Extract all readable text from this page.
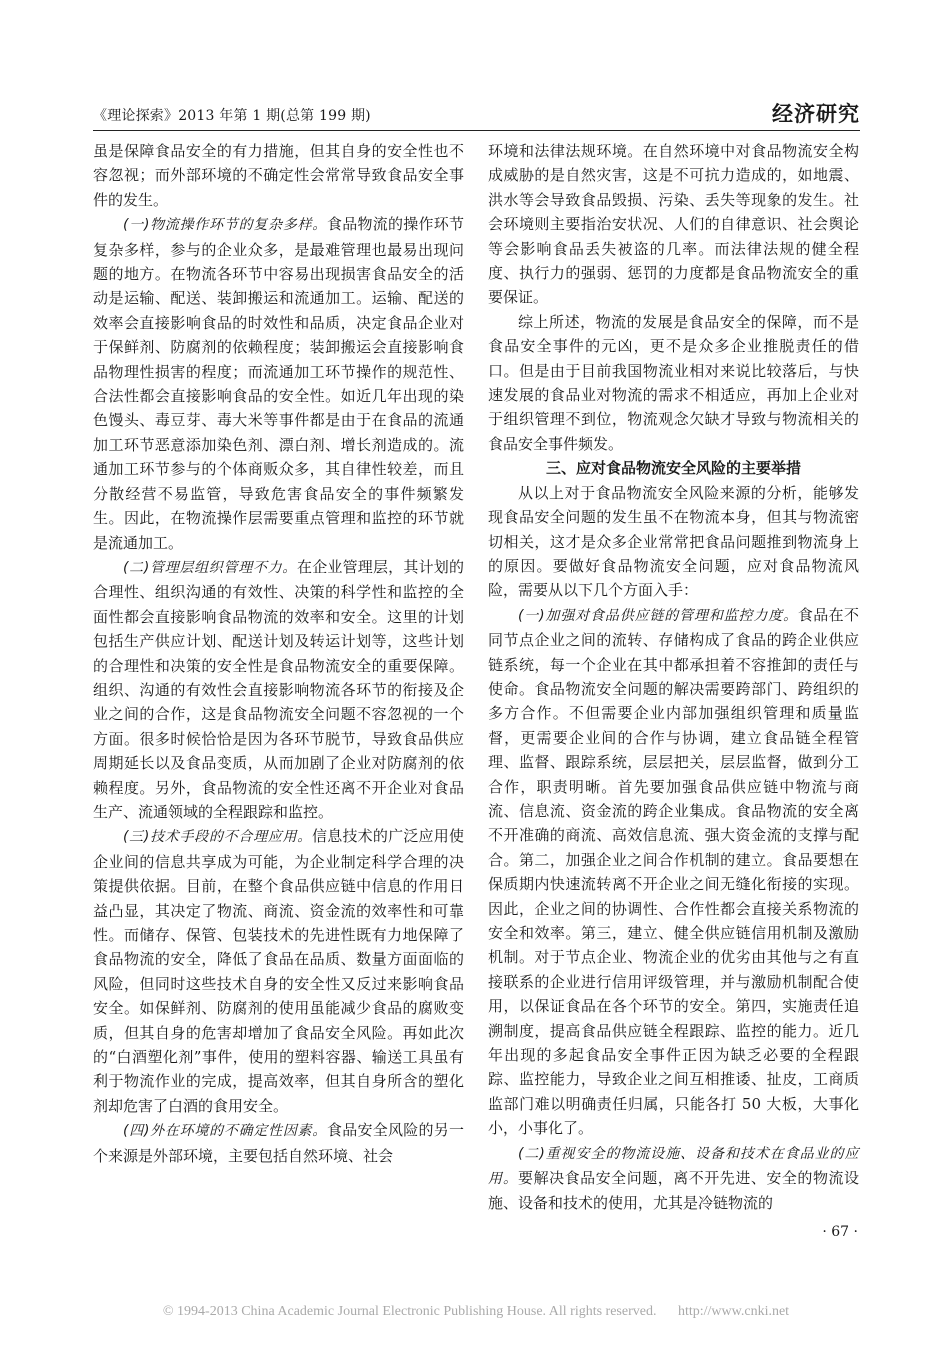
《理论探索》2013 年第 1 期(总第 199 期)	经济研究

虽是保障食品安全的有力措施，但其自身的安全性也不容忽视；而外部环境的不确定性会常常导致食品安全事件的发生。

(一)物流操作环节的复杂多样。食品物流的操作环节复杂多样，参与的企业众多，是最难管理也最易出现问题的地方。在物流各环节中容易出现损害食品安全的活动是运输、配送、装卸搬运和流通加工。运输、配送的效率会直接影响食品的时效性和品质，决定食品企业对于保鲜剂、防腐剂的依赖程度；装卸搬运会直接影响食品物理性损害的程度；而流通加工环节操作的规范性、合法性都会直接影响食品的安全性。如近几年出现的染色馒头、毒豆芽、毒大米等事件都是由于在食品的流通加工环节恶意添加染色剂、漂白剂、增长剂造成的。流通加工环节参与的个体商贩众多，其自律性较差，而且分散经营不易监管，导致危害食品安全的事件频繁发生。因此，在物流操作层需要重点管理和监控的环节就是流通加工。

(二)管理层组织管理不力。在企业管理层，其计划的合理性、组织沟通的有效性、决策的科学性和监控的全面性都会直接影响食品物流的效率和安全。这里的计划包括生产供应计划、配送计划及转运计划等，这些计划的合理性和决策的安全性是食品物流安全的重要保障。组织、沟通的有效性会直接影响物流各环节的衔接及企业之间的合作，这是食品物流安全问题不容忽视的一个方面。很多时候恰恰是因为各环节脱节，导致食品供应周期延长以及食品变质，从而加剧了企业对防腐剂的依赖程度。另外，食品物流的安全性还离不开企业对食品生产、流通领域的全程跟踪和监控。

(三)技术手段的不合理应用。信息技术的广泛应用使企业间的信息共享成为可能，为企业制定科学合理的决策提供依据。目前，在整个食品供应链中信息的作用日益凸显，其决定了物流、商流、资金流的效率性和可靠性。而储存、保管、包装技术的先进性既有力地保障了食品物流的安全，降低了食品在品质、数量方面面临的风险，但同时这些技术自身的安全性又反过来影响食品安全。如保鲜剂、防腐剂的使用虽能减少食品的腐败变质，但其自身的危害却增加了食品安全风险。再如此次的“白酒塑化剂”事件，使用的塑料容器、输送工具虽有利于物流作业的完成，提高效率，但其自身所含的塑化剂却危害了白酒的食用安全。

(四)外在环境的不确定性因素。食品安全风险的另一个来源是外部环境，主要包括自然环境、社会

环境和法律法规环境。在自然环境中对食品物流安全构成威胁的是自然灾害，这是不可抗力造成的，如地震、洪水等会导致食品毁损、污染、丢失等现象的发生。社会环境则主要指治安状况、人们的自律意识、社会舆论等会影响食品丢失被盗的几率。而法律法规的健全程度、执行力的强弱、惩罚的力度都是食品物流安全的重要保证。

综上所述，物流的发展是食品安全的保障，而不是食品安全事件的元凶，更不是众多企业推脱责任的借口。但是由于目前我国物流业相对来说比较落后，与快速发展的食品业对物流的需求不相适应，再加上企业对于组织管理不到位，物流观念欠缺才导致与物流相关的食品安全事件频发。

三、应对食品物流安全风险的主要举措

从以上对于食品物流安全风险来源的分析，能够发现食品安全问题的发生虽不在物流本身，但其与物流密切相关，这才是众多企业常常把食品问题推到物流身上的原因。要做好食品物流安全问题，应对食品物流风险，需要从以下几个方面入手：

(一)加强对食品供应链的管理和监控力度。食品在不同节点企业之间的流转、存储构成了食品的跨企业供应链系统，每一个企业在其中都承担着不容推卸的责任与使命。食品物流安全问题的解决需要跨部门、跨组织的多方合作。不但需要企业内部加强组织管理和质量监督，更需要企业间的合作与协调，建立食品链全程管理、监督、跟踪系统，层层把关，层层监督，做到分工合作，职责明晰。首先要加强食品供应链中物流与商流、信息流、资金流的跨企业集成。食品物流的安全离不开准确的商流、高效信息流、强大资金流的支撑与配合。第二，加强企业之间合作机制的建立。食品要想在保质期内快速流转离不开企业之间无缝化衔接的实现。因此，企业之间的协调性、合作性都会直接关系物流的安全和效率。第三，建立、健全供应链信用机制及激励机制。对于节点企业、物流企业的优劣由其他与之有直接联系的企业进行信用评级管理，并与激励机制配合使用，以保证食品在各个环节的安全。第四，实施责任追溯制度，提高食品供应链全程跟踪、监控的能力。近几年出现的多起食品安全事件正因为缺乏必要的全程跟踪、监控能力，导致企业之间互相推诿、扯皮，工商质监部门难以明确责任归属，只能各打 50 大板，大事化小，小事化了。

(二)重视安全的物流设施、设备和技术在食品业的应用。要解决食品安全问题，离不开先进、安全的物流设施、设备和技术的使用，尤其是冷链物流的

· 67 ·
© 1994-2013 China Academic Journal Electronic Publishing House. All rights reserved. http://www.cnki.net
